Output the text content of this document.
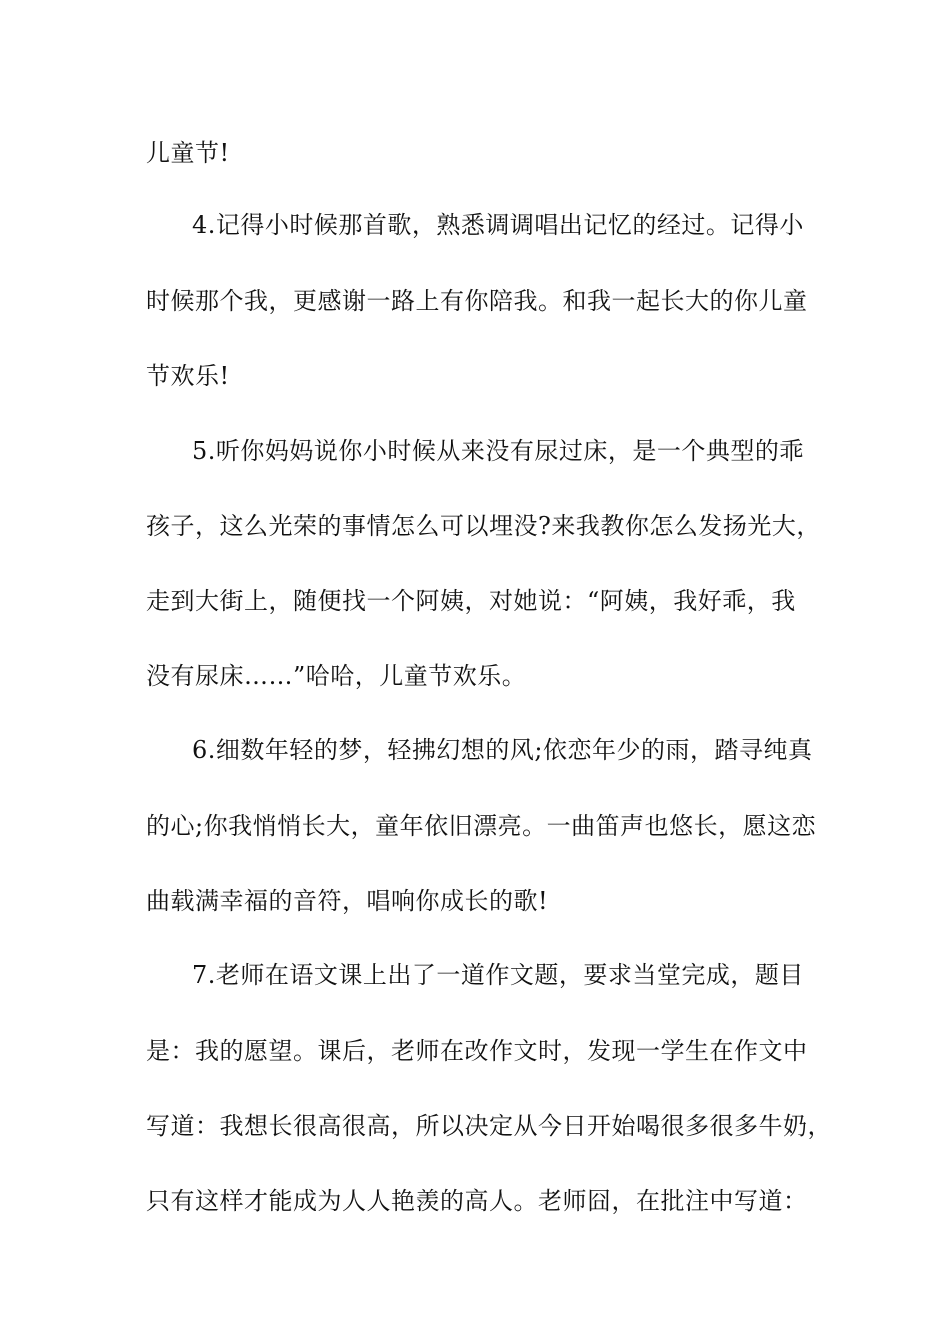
儿童节!
4.记得小时候那首歌，熟悉调调唱出记忆的经过。记得小
时候那个我，更感谢一路上有你陪我。和我一起长大的你儿童
节欢乐!
5.听你妈妈说你小时候从来没有尿过床，是一个典型的乖
孩子，这么光荣的事情怎么可以埋没?来我教你怎么发扬光大，
走到大街上，随便找一个阿姨，对她说：“阿姨，我好乖，我
没有尿床……”哈哈，儿童节欢乐。
6.细数年轻的梦，轻拂幻想的风;依恋年少的雨，踏寻纯真
的心;你我悄悄长大，童年依旧漂亮。一曲笛声也悠长，愿这恋
曲载满幸福的音符，唱响你成长的歌!
7.老师在语文课上出了一道作文题，要求当堂完成，题目
是：我的愿望。课后，老师在改作文时，发现一学生在作文中
写道：我想长很高很高，所以决定从今日开始喝很多很多牛奶，
只有这样才能成为人人艳羡的高人。老师囧，在批注中写道：
